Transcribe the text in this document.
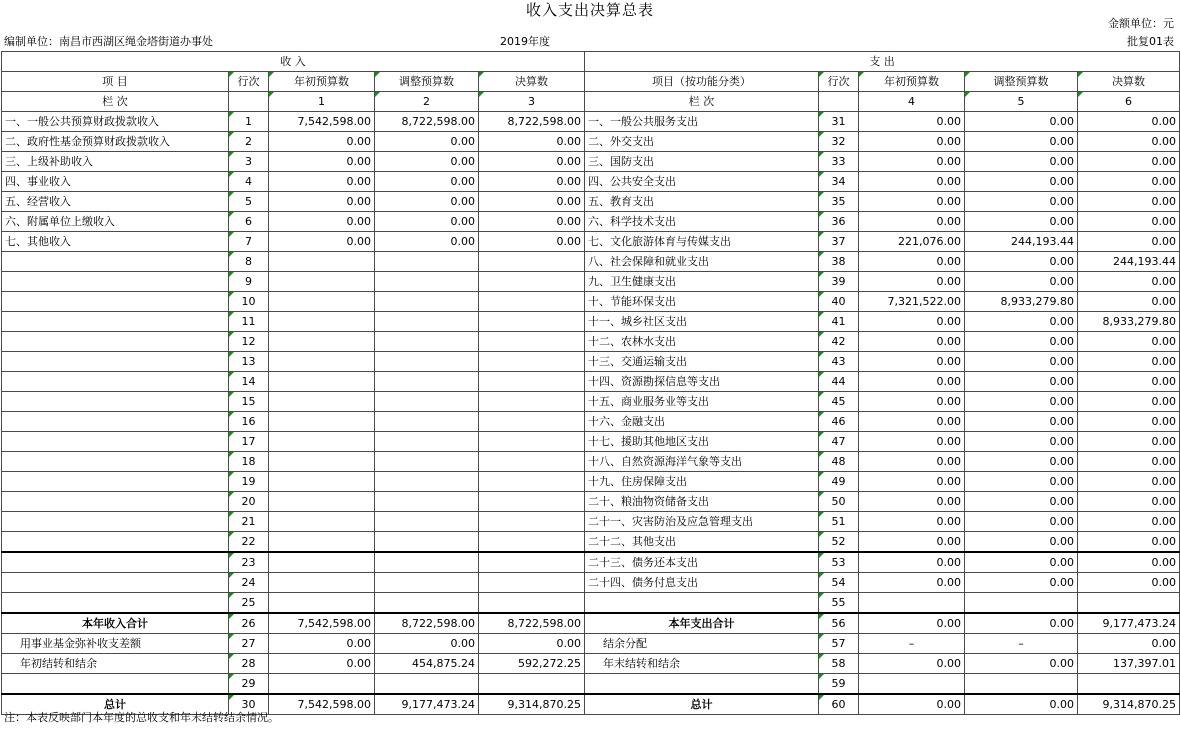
收入支出决算总表
金额单位：元
编制单位：南昌市西湖区绳金塔街道办事处	2019年度	批复01表
收 入					支 出				
项 目	行次	年初预算数	调整预算数	决算数	项目（按功能分类）	行次	年初预算数	调整预算数	决算数
栏 次		1	2	3	栏 次		4	5	6
一、一般公共预算财政拨款收入	1	7,542,598.00	8,722,598.00	8,722,598.00	一、一般公共服务支出	31	0.00	0.00	0.00
二、政府性基金预算财政拨款收入	2	0.00	0.00	0.00	二、外交支出	32	0.00	0.00	0.00
三、上级补助收入	3	0.00	0.00	0.00	三、国防支出	33	0.00	0.00	0.00
四、事业收入	4	0.00	0.00	0.00	四、公共安全支出	34	0.00	0.00	0.00
五、经营收入	5	0.00	0.00	0.00	五、教育支出	35	0.00	0.00	0.00
六、附属单位上缴收入	6	0.00	0.00	0.00	六、科学技术支出	36	0.00	0.00	0.00
七、其他收入	7	0.00	0.00	0.00	七、文化旅游体育与传媒支出	37	221,076.00	244,193.44	0.00
	8				八、社会保障和就业支出	38	0.00	0.00	244,193.44
	9				九、卫生健康支出	39	0.00	0.00	0.00
	10				十、节能环保支出	40	7,321,522.00	8,933,279.80	0.00
	11				十一、城乡社区支出	41	0.00	0.00	8,933,279.80
	12				十二、农林水支出	42	0.00	0.00	0.00
	13				十三、交通运输支出	43	0.00	0.00	0.00
	14				十四、资源勘探信息等支出	44	0.00	0.00	0.00
	15				十五、商业服务业等支出	45	0.00	0.00	0.00
	16				十六、金融支出	46	0.00	0.00	0.00
	17				十七、援助其他地区支出	47	0.00	0.00	0.00
	18				十八、自然资源海洋气象等支出	48	0.00	0.00	0.00
	19				十九、住房保障支出	49	0.00	0.00	0.00
	20				二十、粮油物资储备支出	50	0.00	0.00	0.00
	21				二十一、灾害防治及应急管理支出	51	0.00	0.00	0.00
	22				二十二、其他支出	52	0.00	0.00	0.00
	23				二十三、债务还本支出	53	0.00	0.00	0.00
	24				二十四、债务付息支出	54	0.00	0.00	0.00
	25					55			
本年收入合计	26	7,542,598.00	8,722,598.00	8,722,598.00	本年支出合计	56	0.00	0.00	9,177,473.24
用事业基金弥补收支差额	27	0.00	0.00	0.00	结余分配	57	–	–	0.00
年初结转和结余	28	0.00	454,875.24	592,272.25	年末结转和结余	58	0.00	0.00	137,397.01
	29					59			
总计	30	7,542,598.00	9,177,473.24	9,314,870.25	总计	60	0.00	0.00	9,314,870.25
注：本表反映部门本年度的总收支和年末结转结余情况。
